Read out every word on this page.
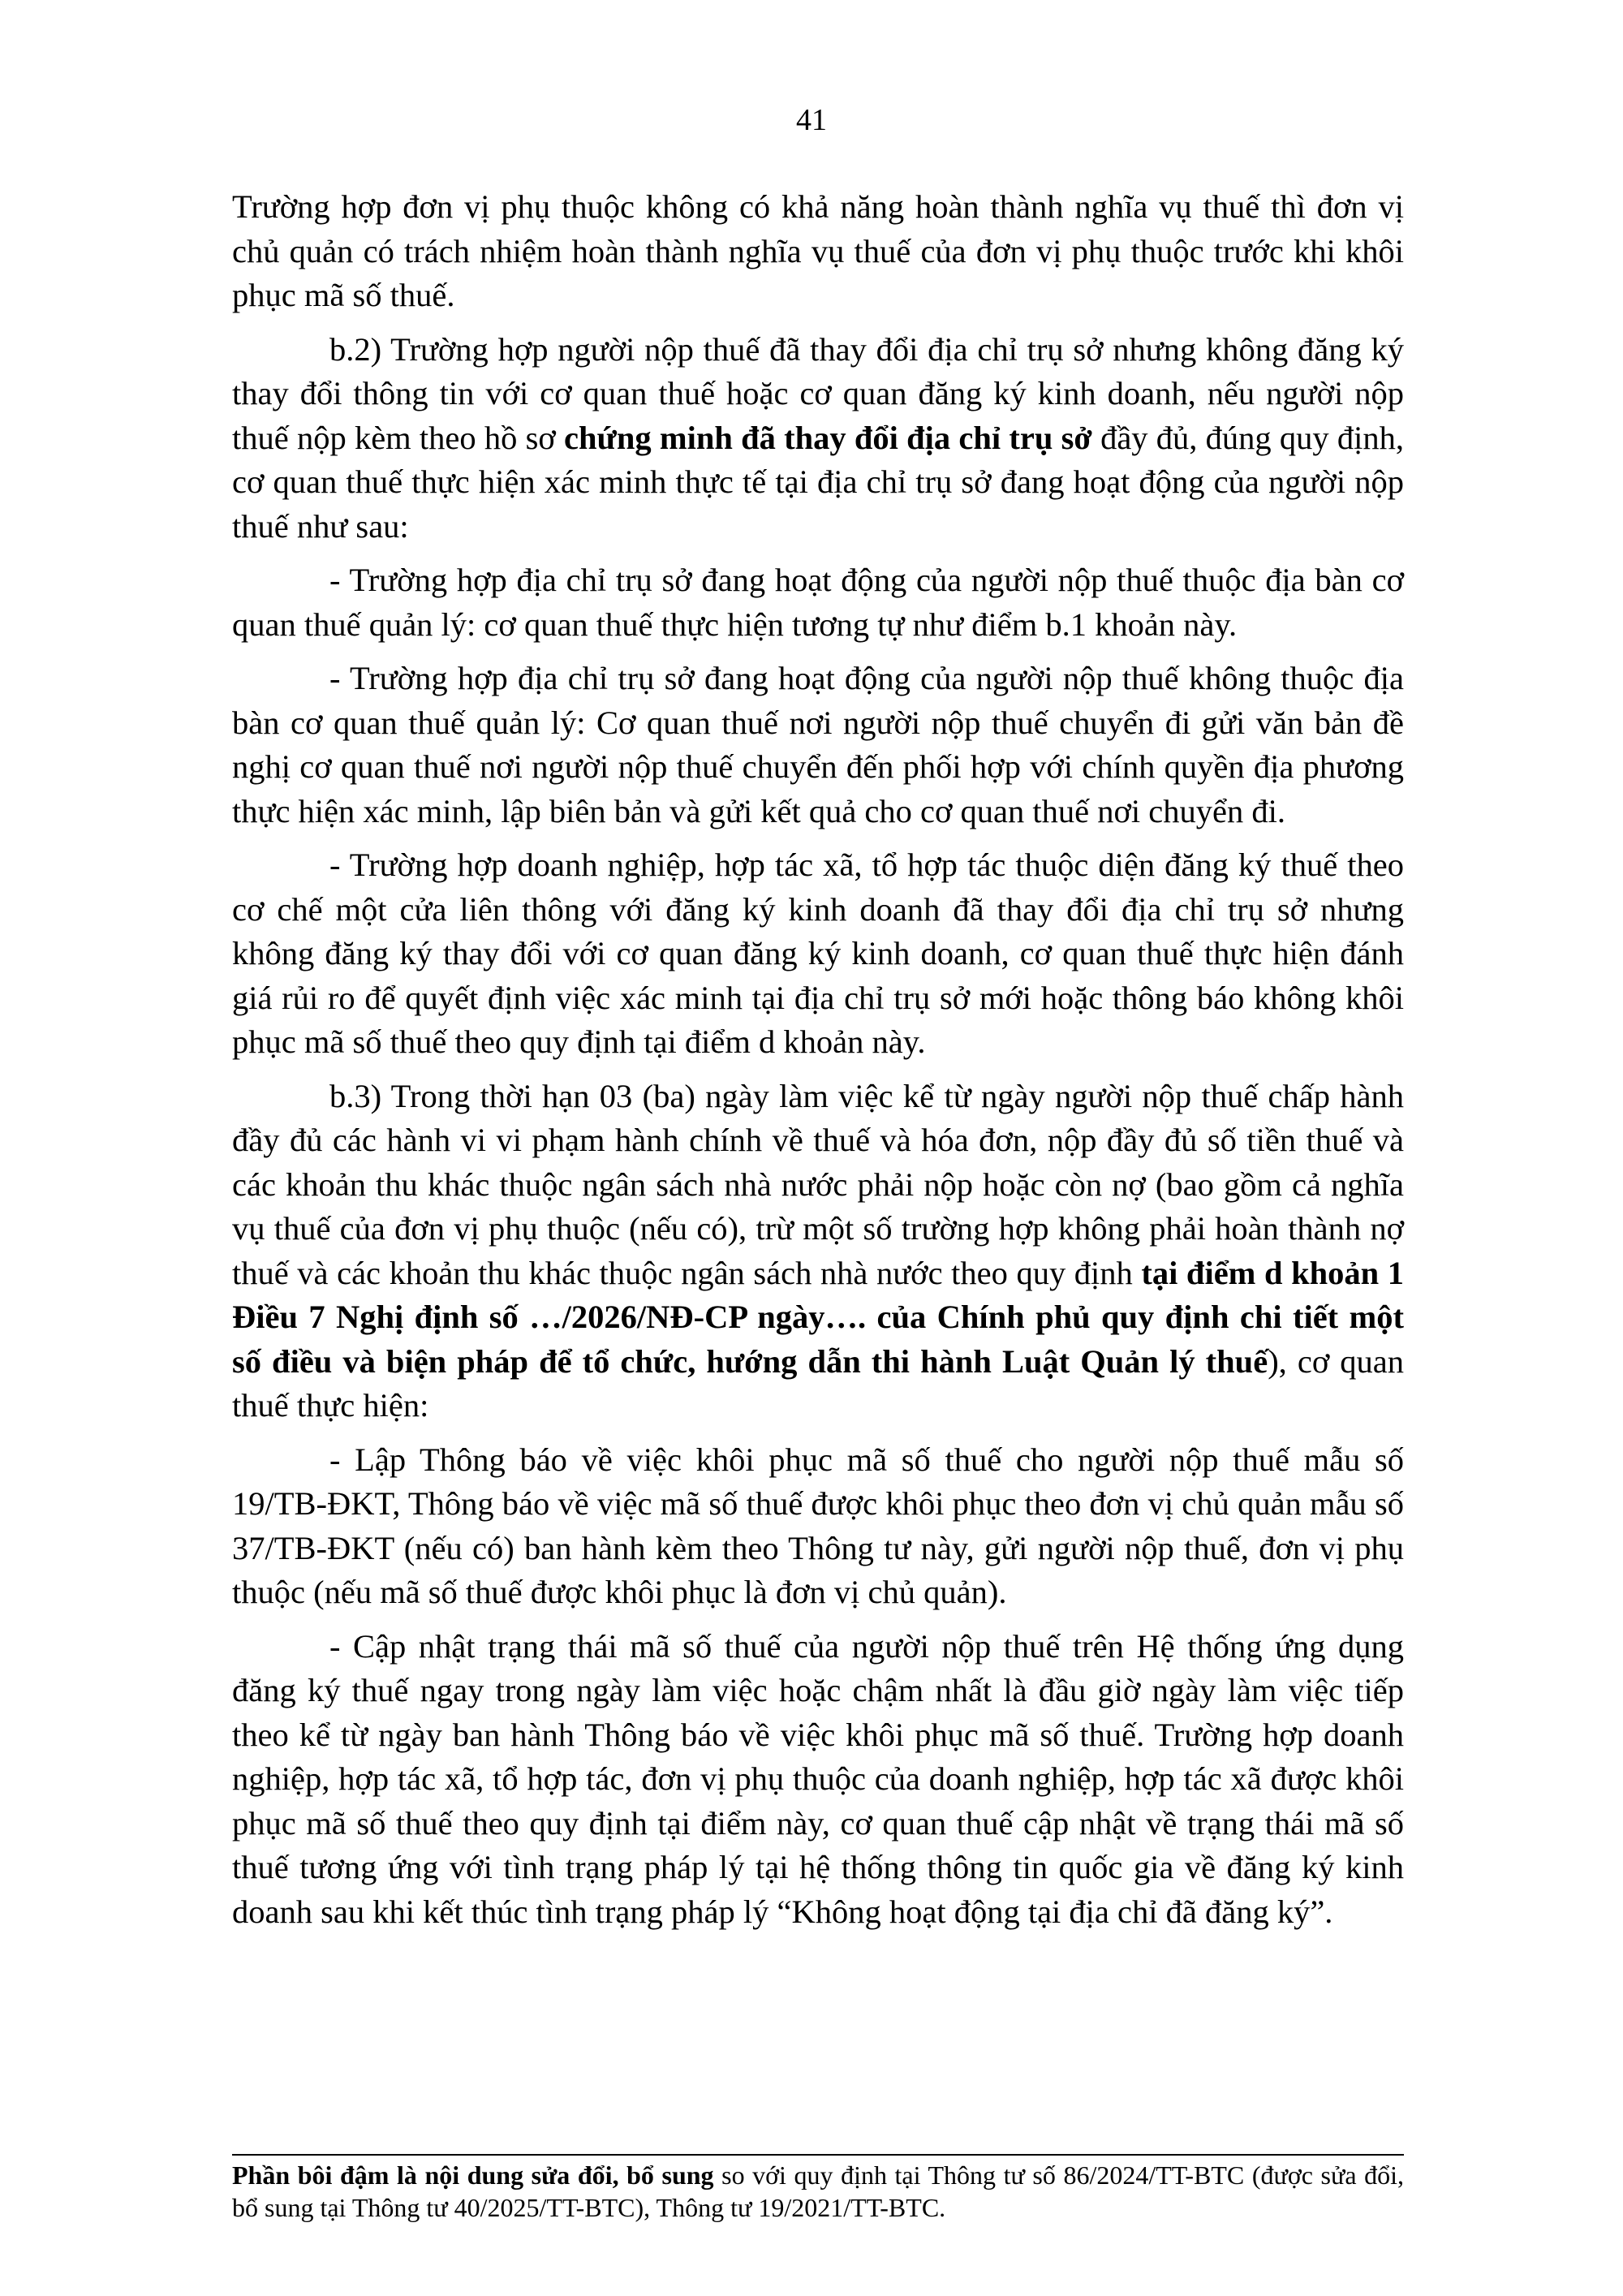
41

Trường hợp đơn vị phụ thuộc không có khả năng hoàn thành nghĩa vụ thuế thì đơn vị chủ quản có trách nhiệm hoàn thành nghĩa vụ thuế của đơn vị phụ thuộc trước khi khôi phục mã số thuế.

b.2) Trường hợp người nộp thuế đã thay đổi địa chỉ trụ sở nhưng không đăng ký thay đổi thông tin với cơ quan thuế hoặc cơ quan đăng ký kinh doanh, nếu người nộp thuế nộp kèm theo hồ sơ chứng minh đã thay đổi địa chỉ trụ sở đầy đủ, đúng quy định, cơ quan thuế thực hiện xác minh thực tế tại địa chỉ trụ sở đang hoạt động của người nộp thuế như sau:

- Trường hợp địa chỉ trụ sở đang hoạt động của người nộp thuế thuộc địa bàn cơ quan thuế quản lý: cơ quan thuế thực hiện tương tự như điểm b.1 khoản này.

- Trường hợp địa chỉ trụ sở đang hoạt động của người nộp thuế không thuộc địa bàn cơ quan thuế quản lý: Cơ quan thuế nơi người nộp thuế chuyển đi gửi văn bản đề nghị cơ quan thuế nơi người nộp thuế chuyển đến phối hợp với chính quyền địa phương thực hiện xác minh, lập biên bản và gửi kết quả cho cơ quan thuế nơi chuyển đi.

- Trường hợp doanh nghiệp, hợp tác xã, tổ hợp tác thuộc diện đăng ký thuế theo cơ chế một cửa liên thông với đăng ký kinh doanh đã thay đổi địa chỉ trụ sở nhưng không đăng ký thay đổi với cơ quan đăng ký kinh doanh, cơ quan thuế thực hiện đánh giá rủi ro để quyết định việc xác minh tại địa chỉ trụ sở mới hoặc thông báo không khôi phục mã số thuế theo quy định tại điểm d khoản này.

b.3) Trong thời hạn 03 (ba) ngày làm việc kể từ ngày người nộp thuế chấp hành đầy đủ các hành vi vi phạm hành chính về thuế và hóa đơn, nộp đầy đủ số tiền thuế và các khoản thu khác thuộc ngân sách nhà nước phải nộp hoặc còn nợ (bao gồm cả nghĩa vụ thuế của đơn vị phụ thuộc (nếu có), trừ một số trường hợp không phải hoàn thành nợ thuế và các khoản thu khác thuộc ngân sách nhà nước theo quy định tại điểm d khoản 1 Điều 7 Nghị định số …/2026/NĐ-CP ngày…. của Chính phủ quy định chi tiết một số điều và biện pháp để tổ chức, hướng dẫn thi hành Luật Quản lý thuế), cơ quan thuế thực hiện:

- Lập Thông báo về việc khôi phục mã số thuế cho người nộp thuế mẫu số 19/TB-ĐKT, Thông báo về việc mã số thuế được khôi phục theo đơn vị chủ quản mẫu số 37/TB-ĐKT (nếu có) ban hành kèm theo Thông tư này, gửi người nộp thuế, đơn vị phụ thuộc (nếu mã số thuế được khôi phục là đơn vị chủ quản).

- Cập nhật trạng thái mã số thuế của người nộp thuế trên Hệ thống ứng dụng đăng ký thuế ngay trong ngày làm việc hoặc chậm nhất là đầu giờ ngày làm việc tiếp theo kể từ ngày ban hành Thông báo về việc khôi phục mã số thuế. Trường hợp doanh nghiệp, hợp tác xã, tổ hợp tác, đơn vị phụ thuộc của doanh nghiệp, hợp tác xã được khôi phục mã số thuế theo quy định tại điểm này, cơ quan thuế cập nhật về trạng thái mã số thuế tương ứng với tình trạng pháp lý tại hệ thống thông tin quốc gia về đăng ký kinh doanh sau khi kết thúc tình trạng pháp lý “Không hoạt động tại địa chỉ đã đăng ký”.

Phần bôi đậm là nội dung sửa đổi, bổ sung so với quy định tại Thông tư số 86/2024/TT-BTC (được sửa đổi, bổ sung tại Thông tư 40/2025/TT-BTC), Thông tư 19/2021/TT-BTC.
